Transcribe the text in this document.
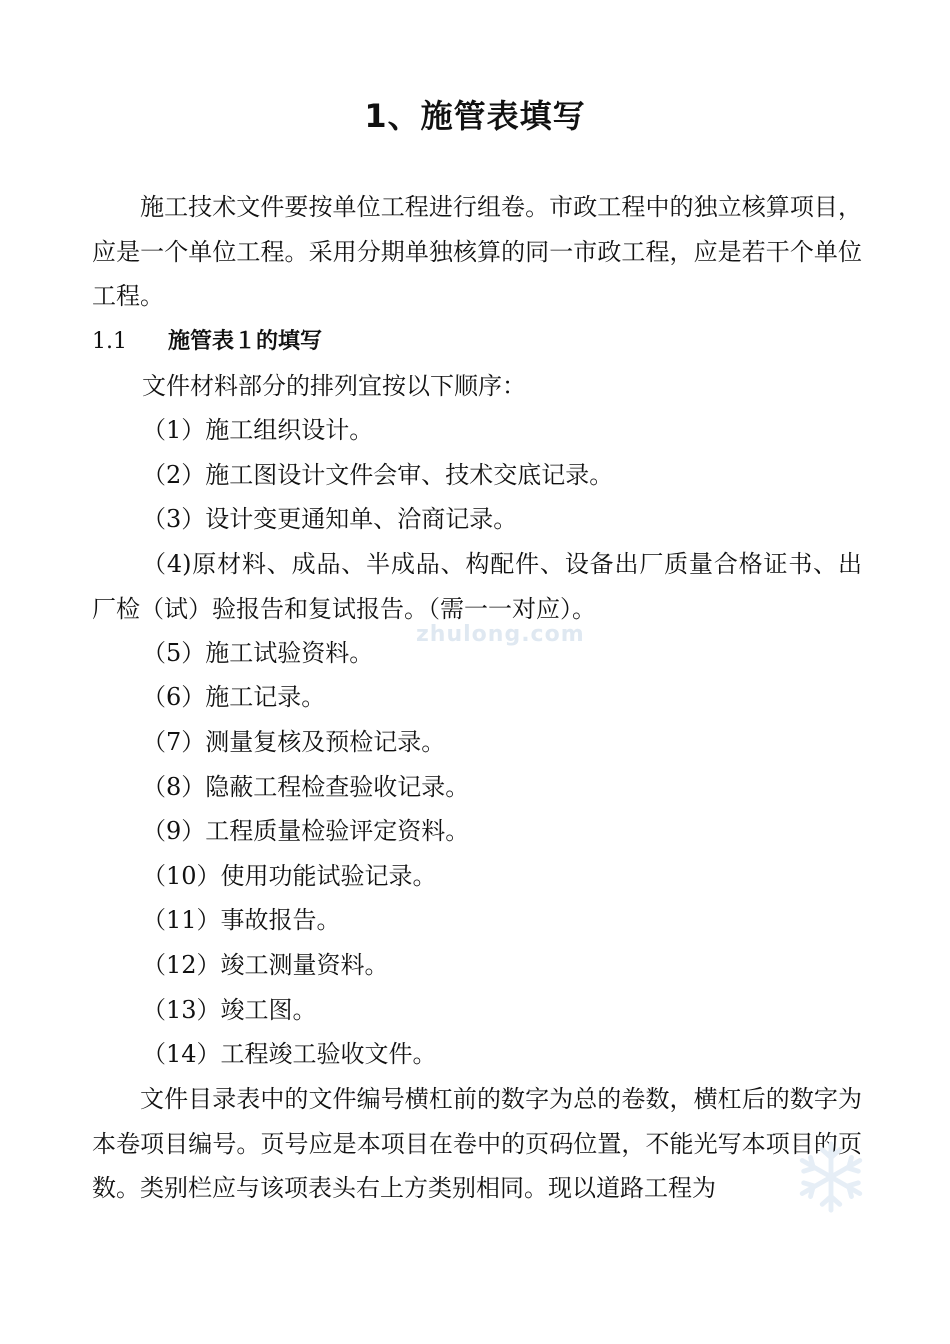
1、施管表填写
施工技术文件要按单位工程进行组卷。市政工程中的独立核算项目，应是一个单位工程。采用分期单独核算的同一市政工程，应是若干个单位工程。
1.1 施管表１的填写
文件材料部分的排列宜按以下顺序：
（1）施工组织设计。
（2）施工图设计文件会审、技术交底记录。
（3）设计变更通知单、洽商记录。
（4)原材料、成品、半成品、构配件、设备出厂质量合格证书、出厂检（试）验报告和复试报告。（需一一对应）。
（5）施工试验资料。
（6）施工记录。
（7）测量复核及预检记录。
（8）隐蔽工程检查验收记录。
（9）工程质量检验评定资料。
（10）使用功能试验记录。
（11）事故报告。
（12）竣工测量资料。
（13）竣工图。
（14）工程竣工验收文件。
文件目录表中的文件编号横杠前的数字为总的卷数，横杠后的数字为本卷项目编号。页号应是本项目在卷中的页码位置，不能光写本项目的页数。类别栏应与该项表头右上方类别相同。现以道路工程为
zhulong.com
